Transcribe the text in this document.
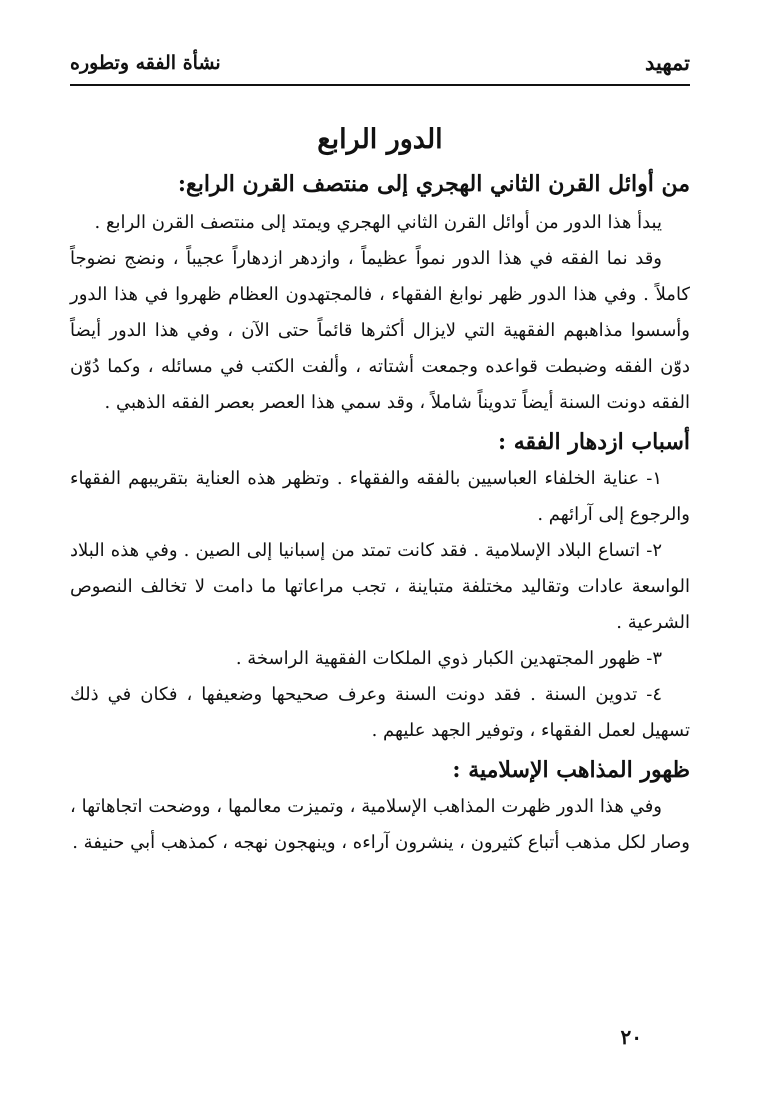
تمهيد
نشأة الفقه وتطوره
الدور الرابع
من أوائل القرن الثاني الهجري إلى منتصف القرن الرابع:

يبدأ هذا الدور من أوائل القرن الثاني الهجري ويمتد إلى منتصف القرن الرابع .

وقد نما الفقه في هذا الدور نمواً عظيماً ، وازدهر ازدهاراً عجيباً ، ونضج نضوجاً كاملاً . وفي هذا الدور ظهر نوابغ الفقهاء ، فالمجتهدون العظام ظهروا في هذا الدور وأسسوا مذاهبهم الفقهية التي لايزال أكثرها قائماً حتى الآن ، وفي هذا الدور أيضاً دوّن الفقه وضبطت قواعده وجمعت أشتاته ، وألفت الكتب في مسائله ، وكما دُوّن الفقه دونت السنة أيضاً تدويناً شاملاً ، وقد سمي هذا العصر بعصر الفقه الذهبي .

أسباب ازدهار الفقه :

١- عناية الخلفاء العباسيين بالفقه والفقهاء . وتظهر هذه العناية بتقريبهم الفقهاء والرجوع إلى آرائهم .

٢- اتساع البلاد الإسلامية . فقد كانت تمتد من إسبانيا إلى الصين . وفي هذه البلاد الواسعة عادات وتقاليد مختلفة متباينة ، تجب مراعاتها ما دامت لا تخالف النصوص الشرعية .

٣- ظهور المجتهدين الكبار ذوي الملكات الفقهية الراسخة .

٤- تدوين السنة . فقد دونت السنة وعرف صحيحها وضعيفها ، فكان في ذلك تسهيل لعمل الفقهاء ، وتوفير الجهد عليهم .

ظهور المذاهب الإسلامية :

وفي هذا الدور ظهرت المذاهب الإسلامية ، وتميزت معالمها ، ووضحت اتجاهاتها ، وصار لكل مذهب أتباع كثيرون ، ينشرون آراءه ، وينهجون نهجه ، كمذهب أبي حنيفة .

٢٠
